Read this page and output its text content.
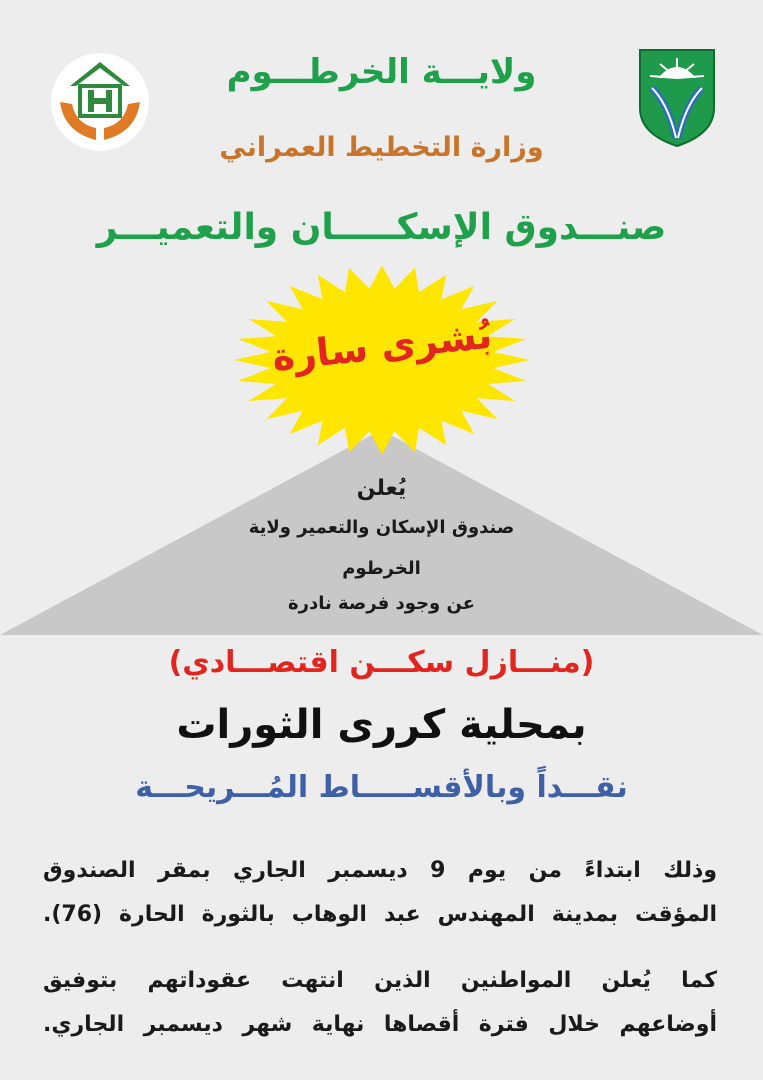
ولايـــة الخرطـــوم
وزارة التخطيط العمراني
صنـــدوق الإسكـــــان والتعميـــر
بُشرى سارة
يُعلن
صندوق الإسكان والتعمير ولاية
الخرطوم
عن وجود فرصة نادرة
(منـــازل سكـــن اقتصـــادي)
بمحلية كررى الثورات
نقـــداً وبالأقســـــاط المُـــريحـــة
وذلك ابتداءً من يوم 9 ديسمبر الجاري بمقر الصندوق
المؤقت بمدينة المهندس عبد الوهاب بالثورة الحارة (76).
كما يُعلن المواطنين الذين انتهت عقوداتهم بتوفيق
أوضاعهم خلال فترة أقصاها نهاية شهر ديسمبر الجاري.
